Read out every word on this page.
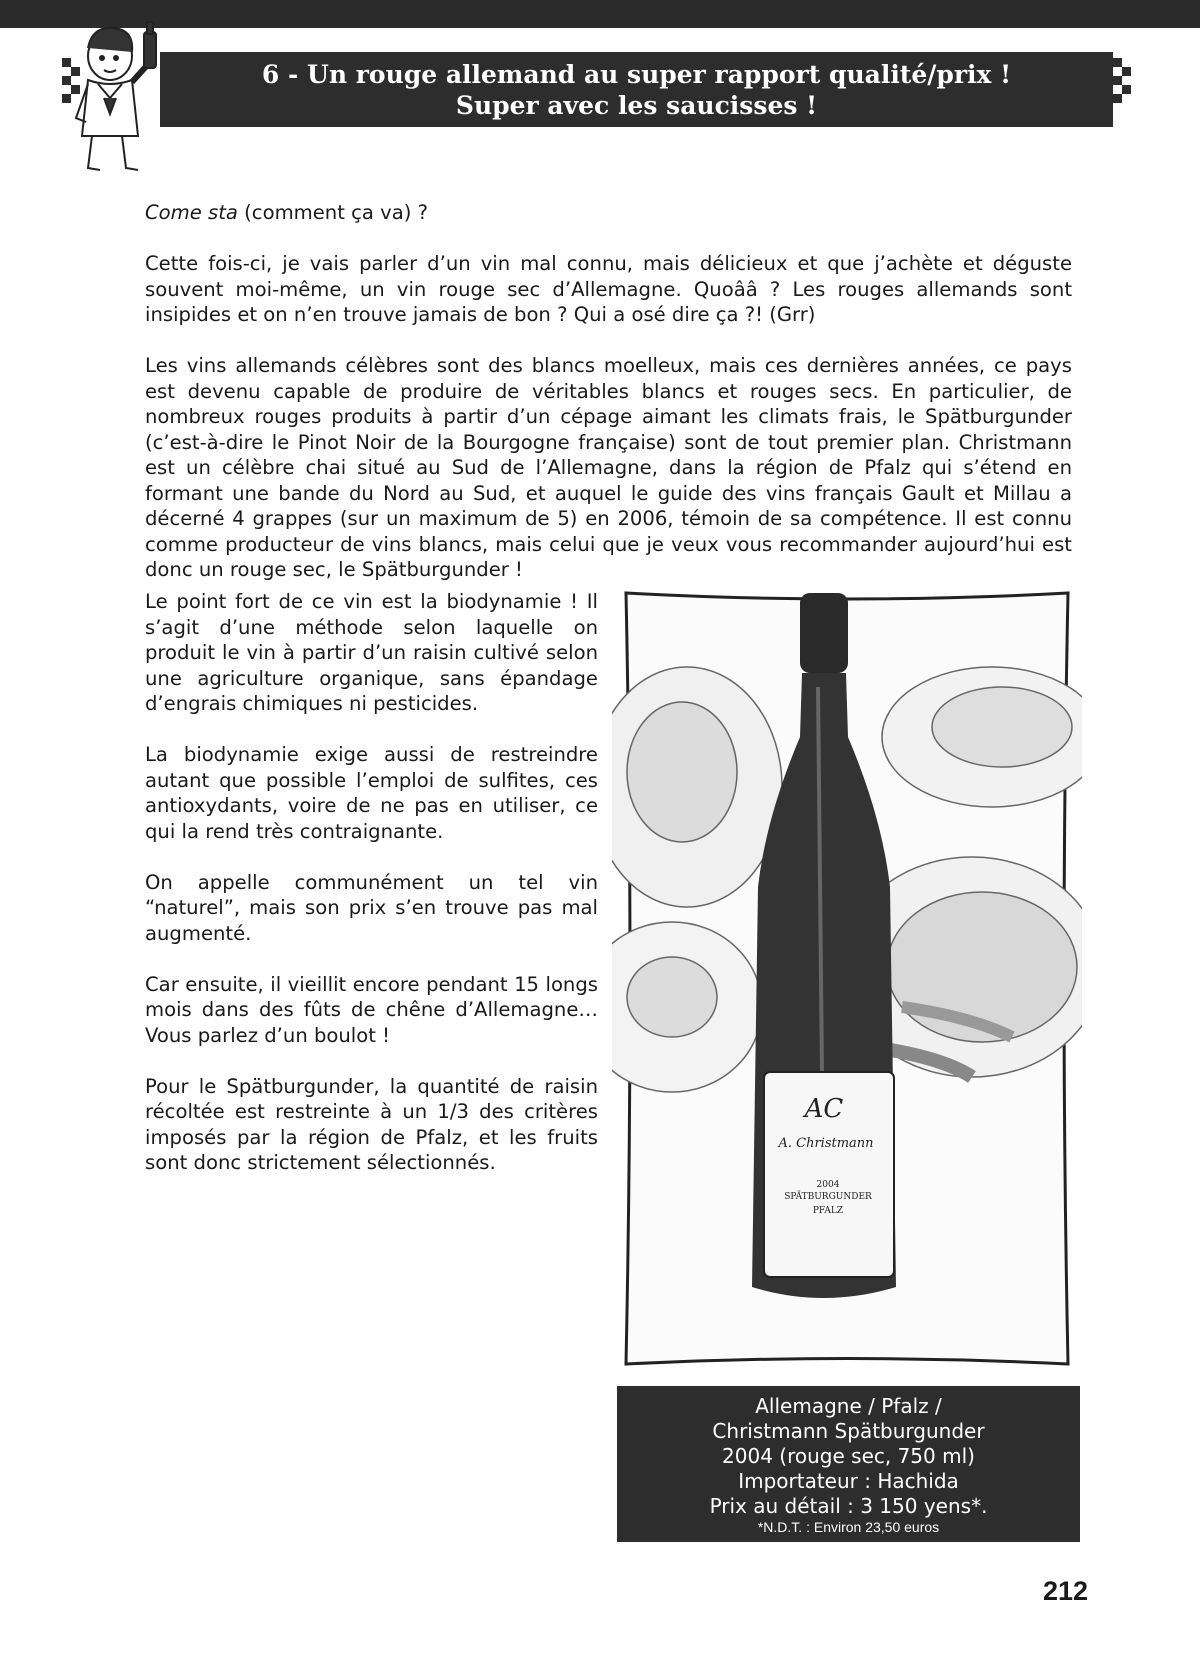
6 - Un rouge allemand au super rapport qualité/prix !
Super avec les saucisses !

Come sta (comment ça va) ?

Cette fois-ci, je vais parler d’un vin mal connu, mais délicieux et que j’achète et déguste souvent moi-même, un vin rouge sec d’Allemagne. Quoââ ? Les rouges allemands sont insipides et on n’en trouve jamais de bon ? Qui a osé dire ça ?! (Grr)

Les vins allemands célèbres sont des blancs moelleux, mais ces dernières années, ce pays est devenu capable de produire de véritables blancs et rouges secs. En particulier, de nombreux rouges produits à partir d’un cépage aimant les climats frais, le Spätburgunder (c’est-à-dire le Pinot Noir de la Bourgogne française) sont de tout premier plan. Christmann est un célèbre chai situé au Sud de l’Allemagne, dans la région de Pfalz qui s’étend en formant une bande du Nord au Sud, et auquel le guide des vins français Gault et Millau a décerné 4 grappes (sur un maximum de 5) en 2006, témoin de sa compétence. Il est connu comme producteur de vins blancs, mais celui que je veux vous recommander aujourd’hui est donc un rouge sec, le Spätburgunder !

Le point fort de ce vin est la biodynamie ! Il s’agit d’une méthode selon laquelle on produit le vin à partir d’un raisin cultivé selon une agriculture organique, sans épandage d’engrais chimiques ni pesticides.

La biodynamie exige aussi de restreindre autant que possible l’emploi de sulfites, ces antioxydants, voire de ne pas en utiliser, ce qui la rend très contraignante.

On appelle communément un tel vin “naturel”, mais son prix s’en trouve pas mal augmenté.

Car ensuite, il vieillit encore pendant 15 longs mois dans des fûts de chêne d’Allemagne… Vous parlez d’un boulot !

Pour le Spätburgunder, la quantité de raisin récoltée est restreinte à un 1/3 des critères imposés par la région de Pfalz, et les fruits sont donc strictement sélectionnés.

AC
A. Christmann
2004
SPÄTBURGUNDER
PFALZ
Allemagne / Pfalz /
Christmann Spätburgunder
2004 (rouge sec, 750 ml)
Importateur : Hachida
Prix au détail : 3 150 yens*.
*N.D.T. : Environ 23,50 euros
212
